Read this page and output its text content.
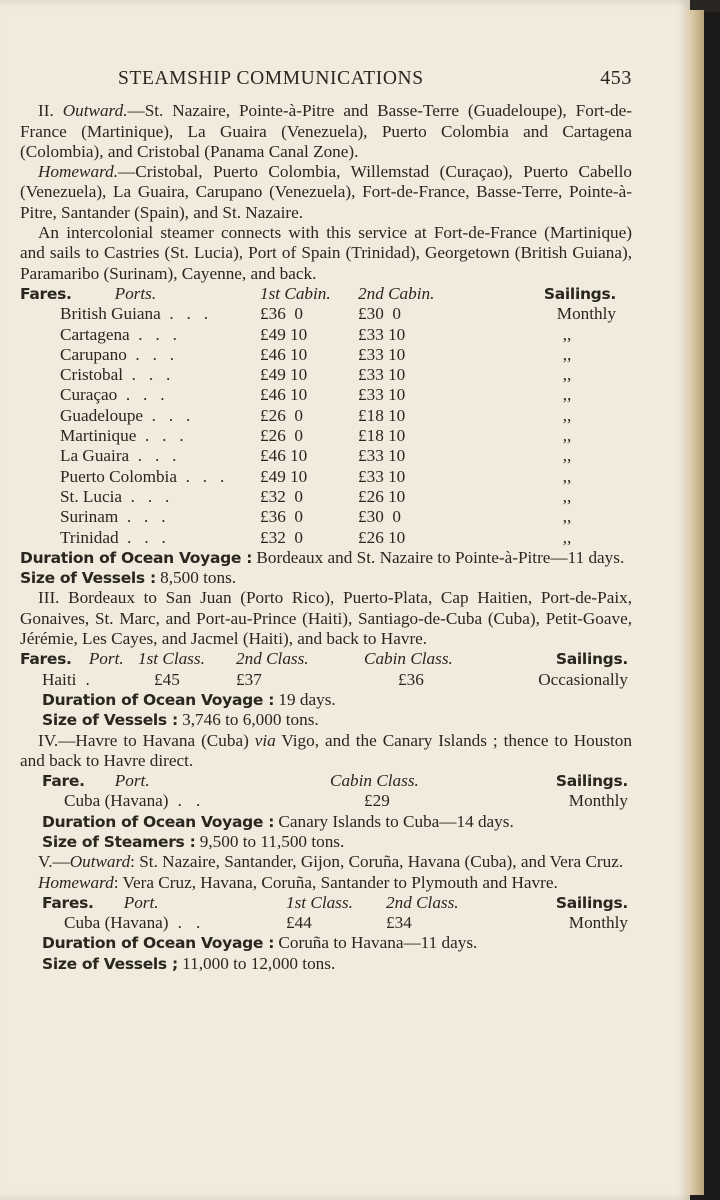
STEAMSHIP COMMUNICATIONS	453

II. Outward.—St. Nazaire, Pointe-à-Pitre and Basse-Terre (Guadeloupe), Fort-de-France (Martinique), La Guaira (Venezuela), Puerto Colombia and Cartagena (Colombia), and Cristobal (Panama Canal Zone).

Homeward.—Cristobal, Puerto Colombia, Willemstad (Curaçao), Puerto Cabello (Venezuela), La Guaira, Carupano (Venezuela), Fort-de-France, Basse-Terre, Pointe-à-Pitre, Santander (Spain), and St. Nazaire.

An intercolonial steamer connects with this service at Fort-de-France (Martinique) and sails to Castries (St. Lucia), Port of Spain (Trinidad), Georgetown (British Guiana), Paramaribo (Surinam), Cayenne, and back.

Fares. Ports.	1st Cabin.	2nd Cabin.	Sailings.
British Guiana  .   .   .	£36  0	£30  0	Monthly
Cartagena  .   .   .	£49 10	£33 10	,,
Carupano  .   .   .	£46 10	£33 10	,,
Cristobal  .   .   .	£49 10	£33 10	,,
Curaçao  .   .   .	£46 10	£33 10	,,
Guadeloupe  .   .   .	£26  0	£18 10	,,
Martinique  .   .   .	£26  0	£18 10	,,
La Guaira  .   .   .	£46 10	£33 10	,,
Puerto Colombia  .   .   .	£49 10	£33 10	,,
St. Lucia  .   .   .	£32  0	£26 10	,,
Surinam  .   .   .	£36  0	£30  0	,,
Trinidad  .   .   .	£32  0	£26 10	,,

Duration of Ocean Voyage : Bordeaux and St. Nazaire to Pointe-à-Pitre—11 days.

Size of Vessels : 8,500 tons.

III. Bordeaux to San Juan (Porto Rico), Puerto-Plata, Cap Haitien, Port-de-Paix, Gonaives, St. Marc, and Port-au-Prince (Haiti), Santiago-de-Cuba (Cuba), Petit-Goave, Jérémie, Les Cayes, and Jacmel (Haiti), and back to Havre.

Fares. Port.	1st Class.	2nd Class.	Cabin Class.	Sailings.
Haiti .	£45	£37	£36	Occasionally

Duration of Ocean Voyage : 19 days.

Size of Vessels : 3,746 to 6,000 tons.

IV.—Havre to Havana (Cuba) via Vigo, and the Canary Islands ; thence to Houston and back to Havre direct.

Fare. Port.	Cabin Class.	Sailings.
Cuba (Havana) . .	£29	Monthly

Duration of Ocean Voyage : Canary Islands to Cuba—14 days.

Size of Steamers : 9,500 to 11,500 tons.

V.—Outward: St. Nazaire, Santander, Gijon, Coruña, Havana (Cuba), and Vera Cruz.

Homeward: Vera Cruz, Havana, Coruña, Santander to Plymouth and Havre.

Fares. Port.	1st Class.	2nd Class.	Sailings.
Cuba (Havana) . .	£44	£34	Monthly

Duration of Ocean Voyage : Coruña to Havana—11 days.

Size of Vessels ; 11,000 to 12,000 tons.
